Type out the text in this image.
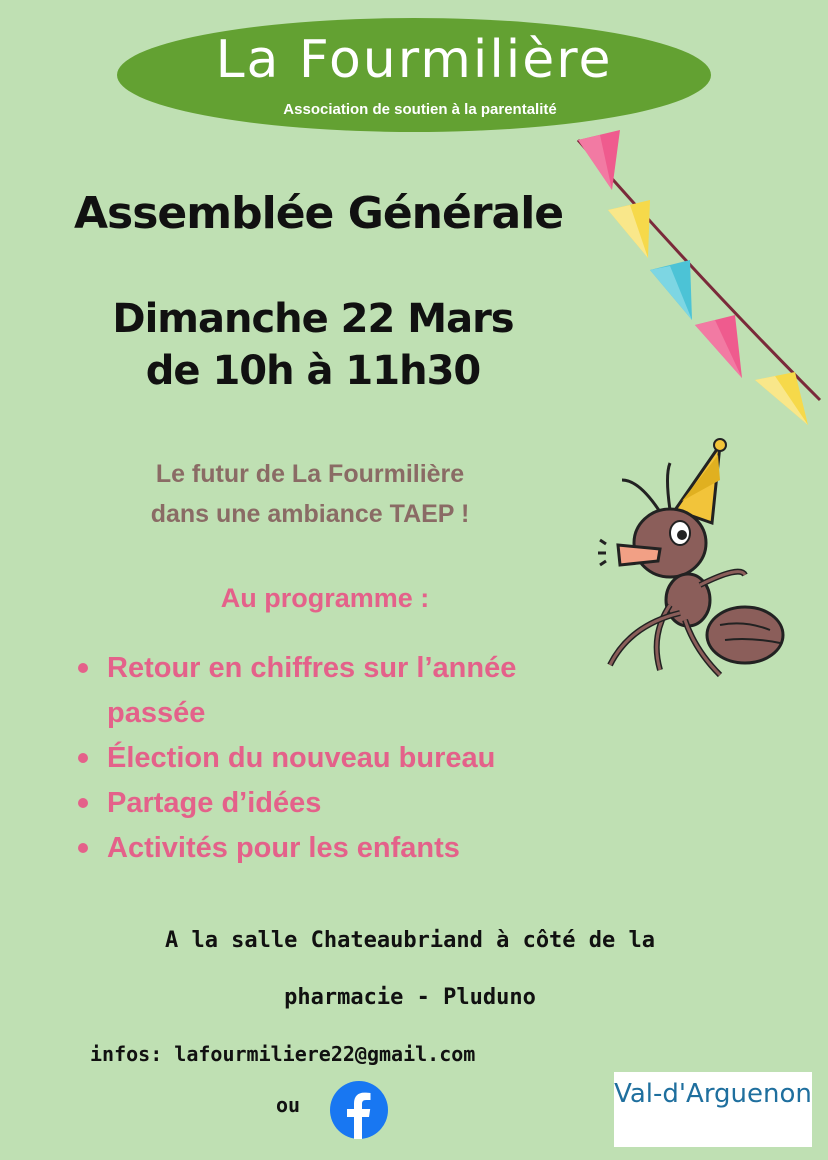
La Fourmilière
Association de soutien à la parentalité
Assemblée Générale
Dimanche 22 Mars
de 10h à 11h30
Le futur de La Fourmilière
dans une ambiance TAEP !
Au programme :
Retour en chiffres sur l’année passée
Élection du nouveau bureau
Partage d’idées
Activités pour les enfants
A la salle Chateaubriand à côté de la
pharmacie - Pluduno
infos: lafourmiliere22@gmail.com
ou	Val-d'Arguenon
